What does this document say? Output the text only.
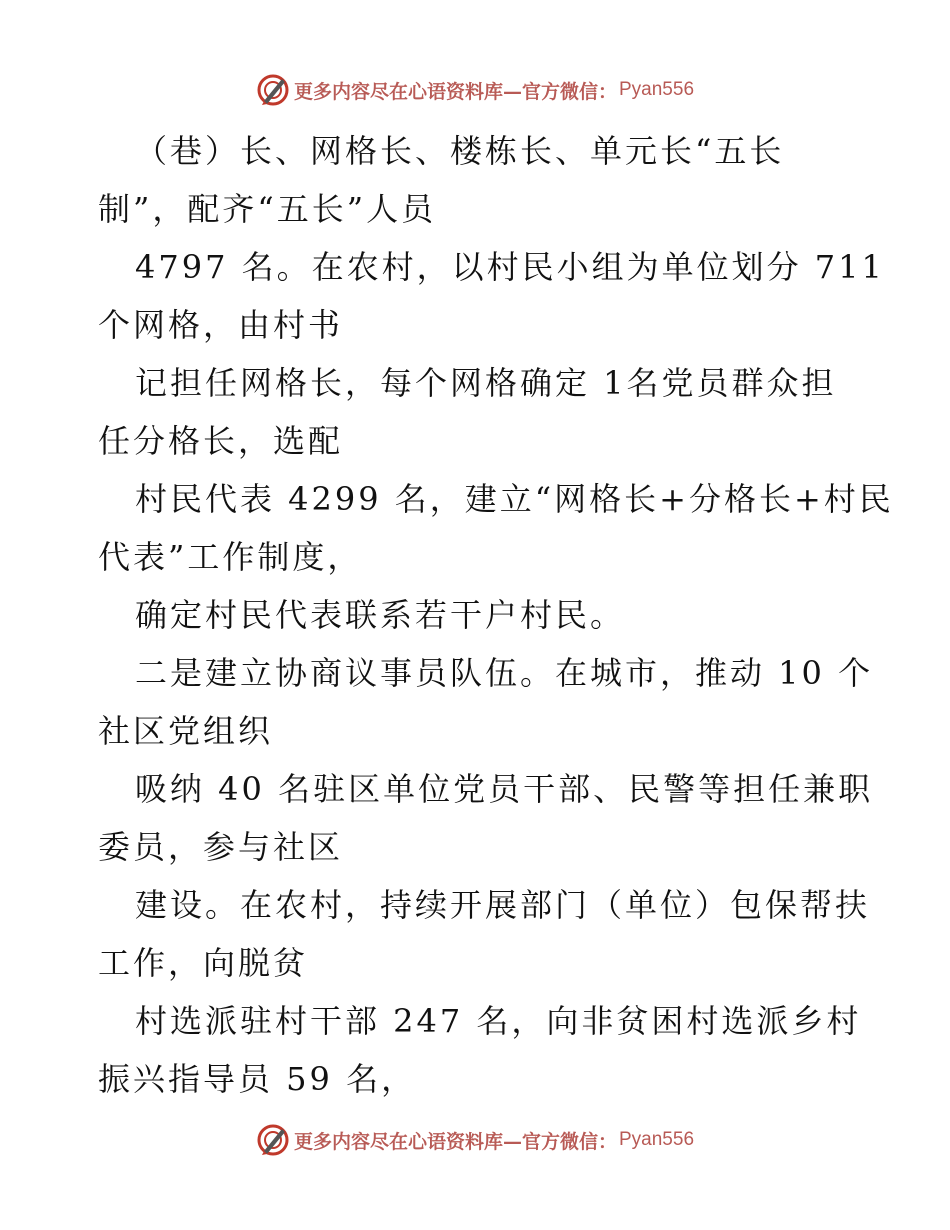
更多内容尽在心语资料库—官方微信： Pyan556
（巷）长、网格长、楼栋长、单元长“五长
制”，配齐“五长”人员
4797 名。在农村，以村民小组为单位划分 711
个网格，由村书
记担任网格长，每个网格确定 1名党员群众担
任分格长，选配
村民代表 4299 名，建立“网格长+分格长+村民
代表”工作制度，
确定村民代表联系若干户村民。
二是建立协商议事员队伍。在城市，推动 10 个
社区党组织
吸纳 40 名驻区单位党员干部、民警等担任兼职
委员，参与社区
建设。在农村，持续开展部门（单位）包保帮扶
工作，向脱贫
村选派驻村干部 247 名，向非贫困村选派乡村
振兴指导员 59 名，
更多内容尽在心语资料库—官方微信： Pyan556
